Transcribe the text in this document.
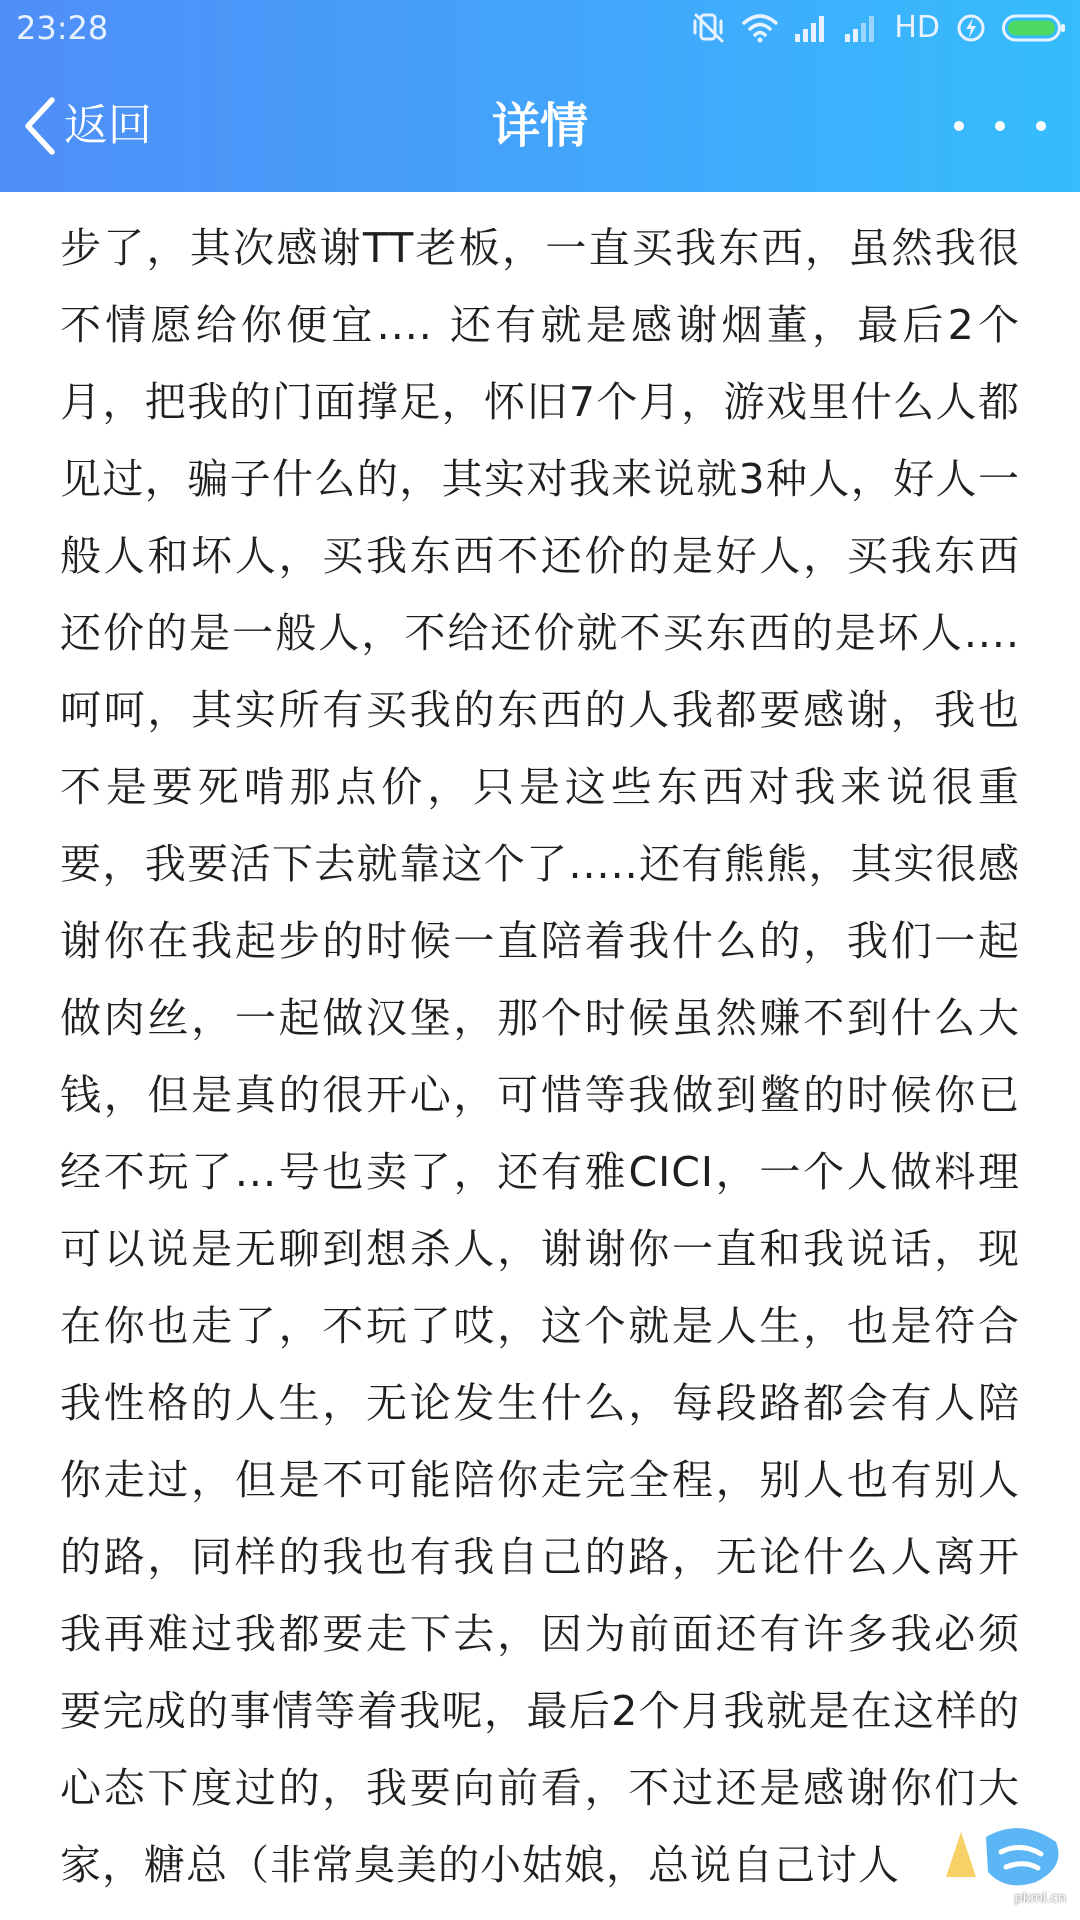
23:28	HD
返回	详情

步了，其次感谢TT老板，一直买我东西，虽然我很不情愿给你便宜.... 还有就是感谢烟董，最后2个月，把我的门面撑足，怀旧7个月，游戏里什么人都见过，骗子什么的，其实对我来说就3种人，好人一般人和坏人，买我东西不还价的是好人，买我东西还价的是一般人，不给还价就不买东西的是坏人....呵呵，其实所有买我的东西的人我都要感谢，我也不是要死啃那点价，只是这些东西对我来说很重要，我要活下去就靠这个了.....还有熊熊，其实很感谢你在我起步的时候一直陪着我什么的，我们一起做肉丝，一起做汉堡，那个时候虽然赚不到什么大钱，但是真的很开心，可惜等我做到鳖的时候你已经不玩了...号也卖了，还有雅CICI，一个人做料理可以说是无聊到想杀人，谢谢你一直和我说话，现在你也走了，不玩了哎，这个就是人生，也是符合我性格的人生，无论发生什么，每段路都会有人陪你走过，但是不可能陪你走完全程，别人也有别人的路，同样的我也有我自己的路，无论什么人离开我再难过我都要走下去，因为前面还有许多我必须要完成的事情等着我呢，最后2个月我就是在这样的心态下度过的，我要向前看，不过还是感谢你们大家，糖总（非常臭美的小姑娘，总说自己讨人

pkml.cn
